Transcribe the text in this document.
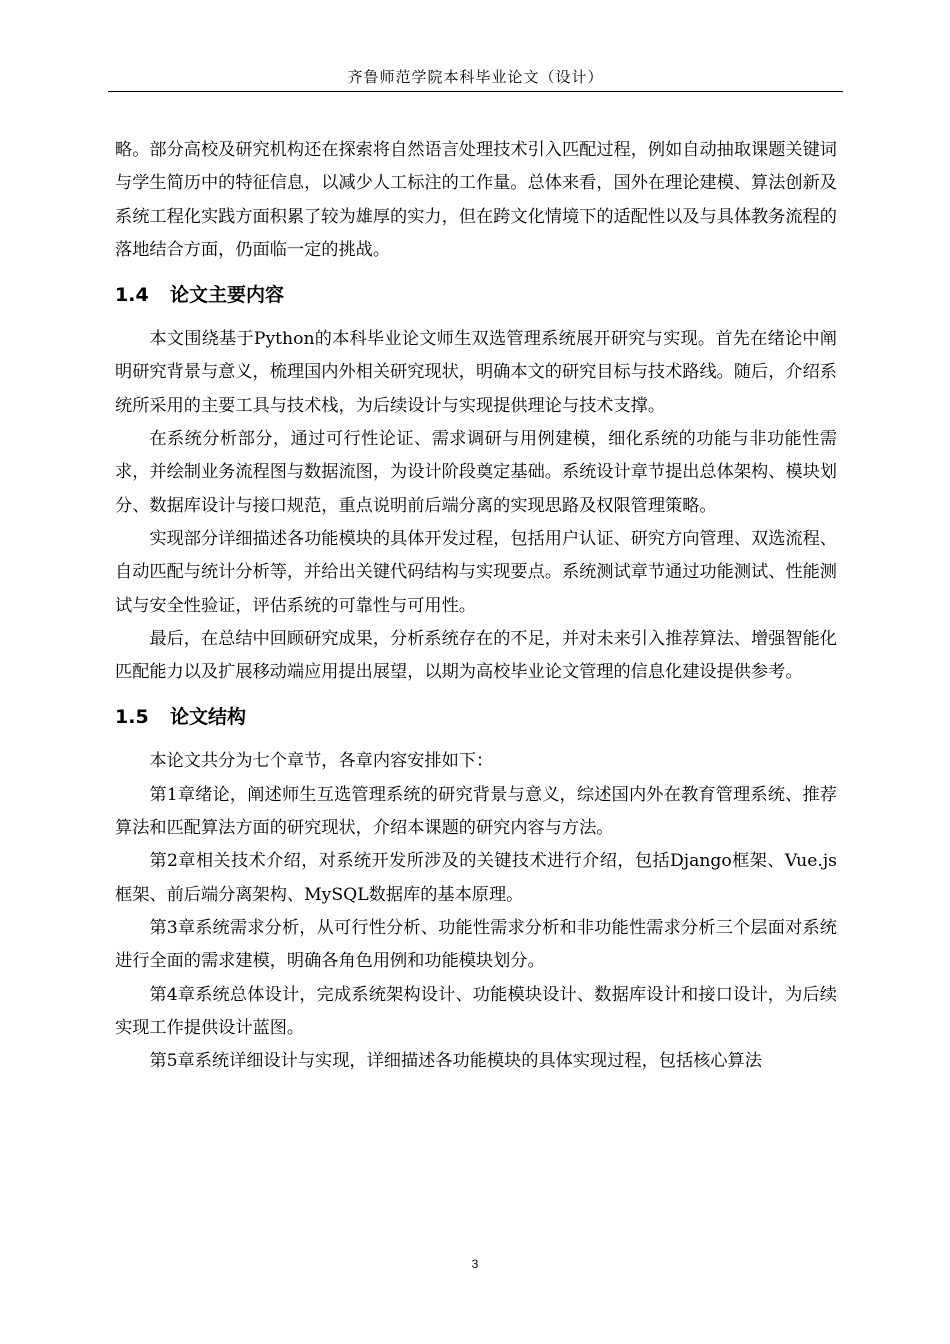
齐鲁师范学院本科毕业论文（设计）

略。部分高校及研究机构还在探索将自然语言处理技术引入匹配过程，例如自动抽取课题关键词与学生简历中的特征信息，以减少人工标注的工作量。总体来看，国外在理论建模、算法创新及系统工程化实践方面积累了较为雄厚的实力，但在跨文化情境下的适配性以及与具体教务流程的落地结合方面，仍面临一定的挑战。

1.4 论文主要内容

本文围绕基于Python的本科毕业论文师生双选管理系统展开研究与实现。首先在绪论中阐明研究背景与意义，梳理国内外相关研究现状，明确本文的研究目标与技术路线。随后，介绍系统所采用的主要工具与技术栈，为后续设计与实现提供理论与技术支撑。

在系统分析部分，通过可行性论证、需求调研与用例建模，细化系统的功能与非功能性需求，并绘制业务流程图与数据流图，为设计阶段奠定基础。系统设计章节提出总体架构、模块划分、数据库设计与接口规范，重点说明前后端分离的实现思路及权限管理策略。

实现部分详细描述各功能模块的具体开发过程，包括用户认证、研究方向管理、双选流程、自动匹配与统计分析等，并给出关键代码结构与实现要点。系统测试章节通过功能测试、性能测试与安全性验证，评估系统的可靠性与可用性。

最后，在总结中回顾研究成果，分析系统存在的不足，并对未来引入推荐算法、增强智能化匹配能力以及扩展移动端应用提出展望，以期为高校毕业论文管理的信息化建设提供参考。

1.5 论文结构

本论文共分为七个章节，各章内容安排如下：

第1章绪论，阐述师生互选管理系统的研究背景与意义，综述国内外在教育管理系统、推荐算法和匹配算法方面的研究现状，介绍本课题的研究内容与方法。

第2章相关技术介绍，对系统开发所涉及的关键技术进行介绍，包括Django框架、Vue.js框架、前后端分离架构、MySQL数据库的基本原理。

第3章系统需求分析，从可行性分析、功能性需求分析和非功能性需求分析三个层面对系统进行全面的需求建模，明确各角色用例和功能模块划分。

第4章系统总体设计，完成系统架构设计、功能模块设计、数据库设计和接口设计，为后续实现工作提供设计蓝图。

第5章系统详细设计与实现，详细描述各功能模块的具体实现过程，包括核心算法

3
